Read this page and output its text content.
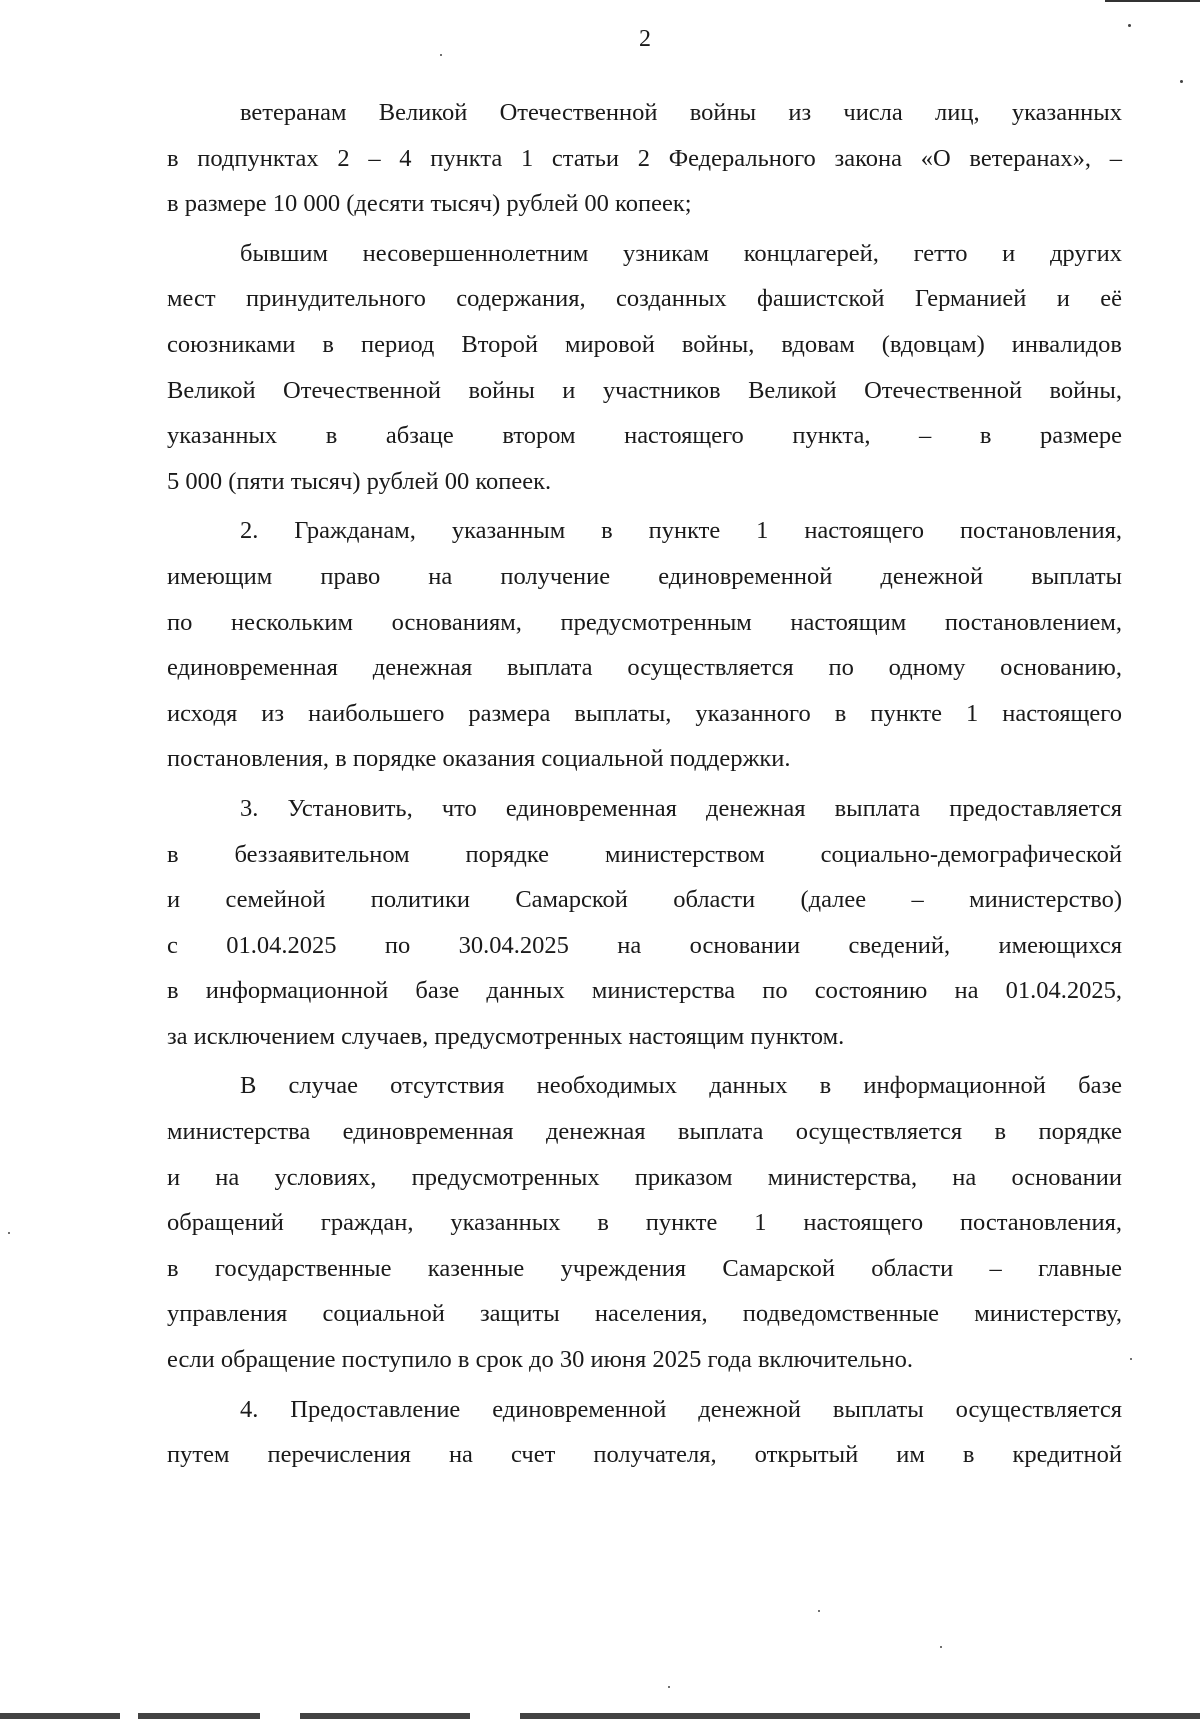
2
ветеранам Великой Отечественной войны из числа лиц, указанных
в подпунктах 2 – 4 пункта 1 статьи 2 Федерального закона «О ветеранах», –
в размере 10 000 (десяти тысяч) рублей 00 копеек;
бывшим несовершеннолетним узникам концлагерей, гетто и других
мест принудительного содержания, созданных фашистской Германией и её
союзниками в период Второй мировой войны, вдовам (вдовцам) инвалидов
Великой Отечественной войны и участников Великой Отечественной войны,
указанных в абзаце втором настоящего пункта, – в размере
5 000 (пяти тысяч) рублей 00 копеек.
2. Гражданам, указанным в пункте 1 настоящего постановления,
имеющим право на получение единовременной денежной выплаты
по нескольким основаниям, предусмотренным настоящим постановлением,
единовременная денежная выплата осуществляется по одному основанию,
исходя из наибольшего размера выплаты, указанного в пункте 1 настоящего
постановления, в порядке оказания социальной поддержки.
3. Установить, что единовременная денежная выплата предоставляется
в беззаявительном порядке министерством социально-демографической
и семейной политики Самарской области (далее – министерство)
с 01.04.2025 по 30.04.2025 на основании сведений, имеющихся
в информационной базе данных министерства по состоянию на 01.04.2025,
за исключением случаев, предусмотренных настоящим пунктом.
В случае отсутствия необходимых данных в информационной базе
министерства единовременная денежная выплата осуществляется в порядке
и на условиях, предусмотренных приказом министерства, на основании
обращений граждан, указанных в пункте 1 настоящего постановления,
в государственные казенные учреждения Самарской области – главные
управления социальной защиты населения, подведомственные министерству,
если обращение поступило в срок до 30 июня 2025 года включительно.
4. Предоставление единовременной денежной выплаты осуществляется
путем перечисления на счет получателя, открытый им в кредитной
